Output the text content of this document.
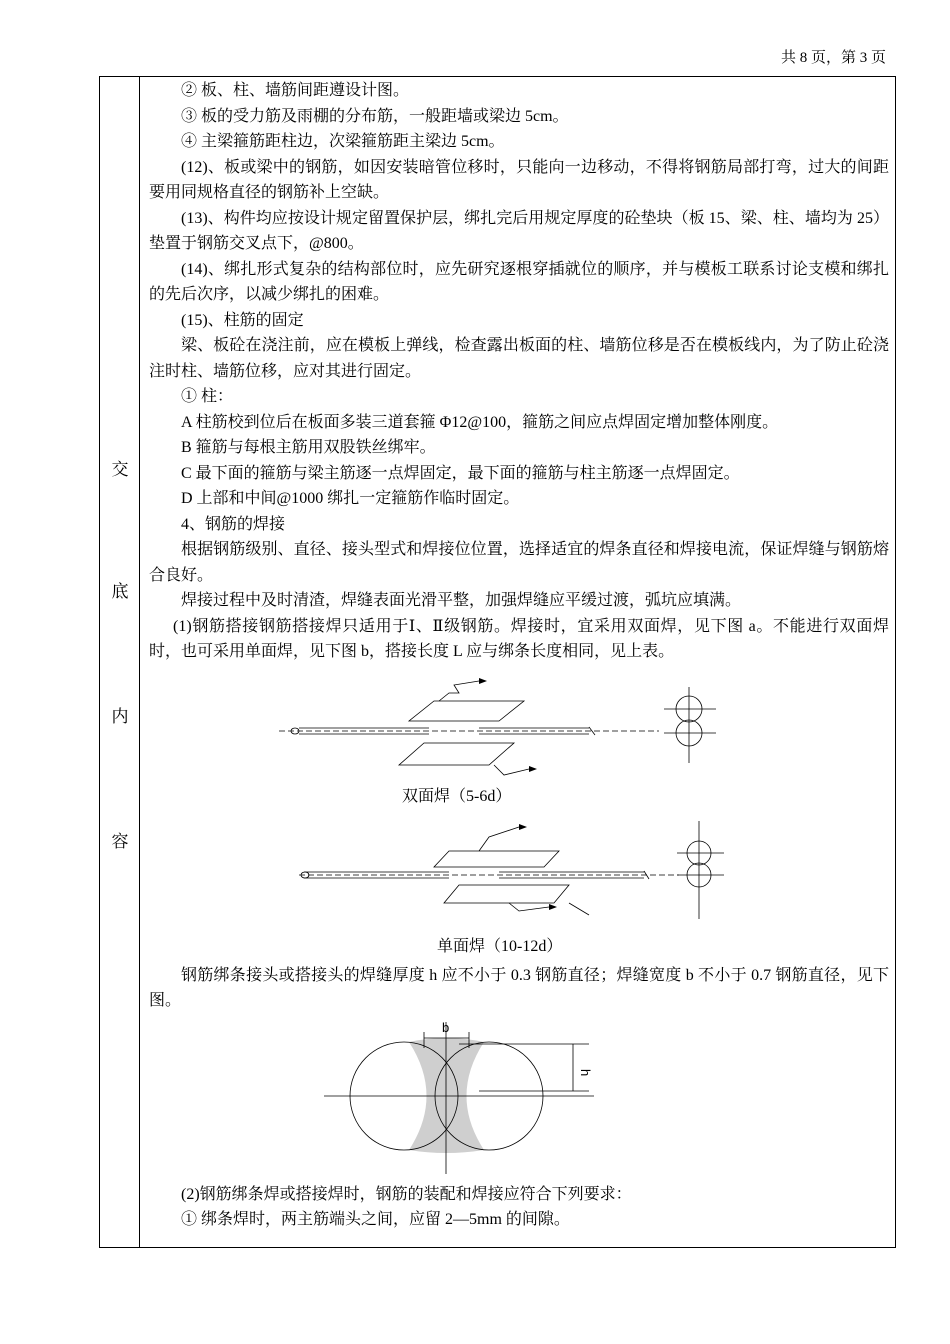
共 8 页，第 3 页
交
底
内
容

② 板、柱、墙筋间距遵设计图。

③ 板的受力筋及雨棚的分布筋，一般距墙或梁边 5cm。

④ 主梁箍筋距柱边，次梁箍筋距主梁边 5cm。

(12)、板或梁中的钢筋，如因安装暗管位移时，只能向一边移动，不得将钢筋局部打弯，过大的间距要用同规格直径的钢筋补上空缺。

(13)、构件均应按设计规定留置保护层，绑扎完后用规定厚度的砼垫块（板 15、梁、柱、墙均为 25）垫置于钢筋交叉点下，@800。

(14)、绑扎形式复杂的结构部位时，应先研究逐根穿插就位的顺序，并与模板工联系讨论支模和绑扎的先后次序，以减少绑扎的困难。

(15)、柱筋的固定

梁、板砼在浇注前，应在模板上弹线，检查露出板面的柱、墙筋位移是否在模板线内，为了防止砼浇注时柱、墙筋位移，应对其进行固定。

① 柱：

A 柱筋校到位后在板面多装三道套箍 Φ12@100，箍筋之间应点焊固定增加整体刚度。

B 箍筋与每根主筋用双股铁丝绑牢。

C 最下面的箍筋与梁主筋逐一点焊固定，最下面的箍筋与柱主筋逐一点焊固定。

D 上部和中间@1000 绑扎一定箍筋作临时固定。

4、钢筋的焊接

根据钢筋级别、直径、接头型式和焊接位位置，选择适宜的焊条直径和焊接电流，保证焊缝与钢筋熔合良好。

焊接过程中及时清渣，焊缝表面光滑平整，加强焊缝应平缓过渡，弧坑应填满。

(1)钢筋搭接钢筋搭接焊只适用于Ⅰ、Ⅱ级钢筋。焊接时，宜采用双面焊，见下图 a。不能进行双面焊时，也可采用单面焊，见下图 b，搭接长度 L 应与绑条长度相同，见上表。

双面焊（5-6d）
单面焊（10-12d）

钢筋绑条接头或搭接头的焊缝厚度 h 应不小于 0.3 钢筋直径；焊缝宽度 b 不小于 0.7 钢筋直径，见下图。

b
h

(2)钢筋绑条焊或搭接焊时，钢筋的装配和焊接应符合下列要求：

① 绑条焊时，两主筋端头之间，应留 2—5mm 的间隙。
